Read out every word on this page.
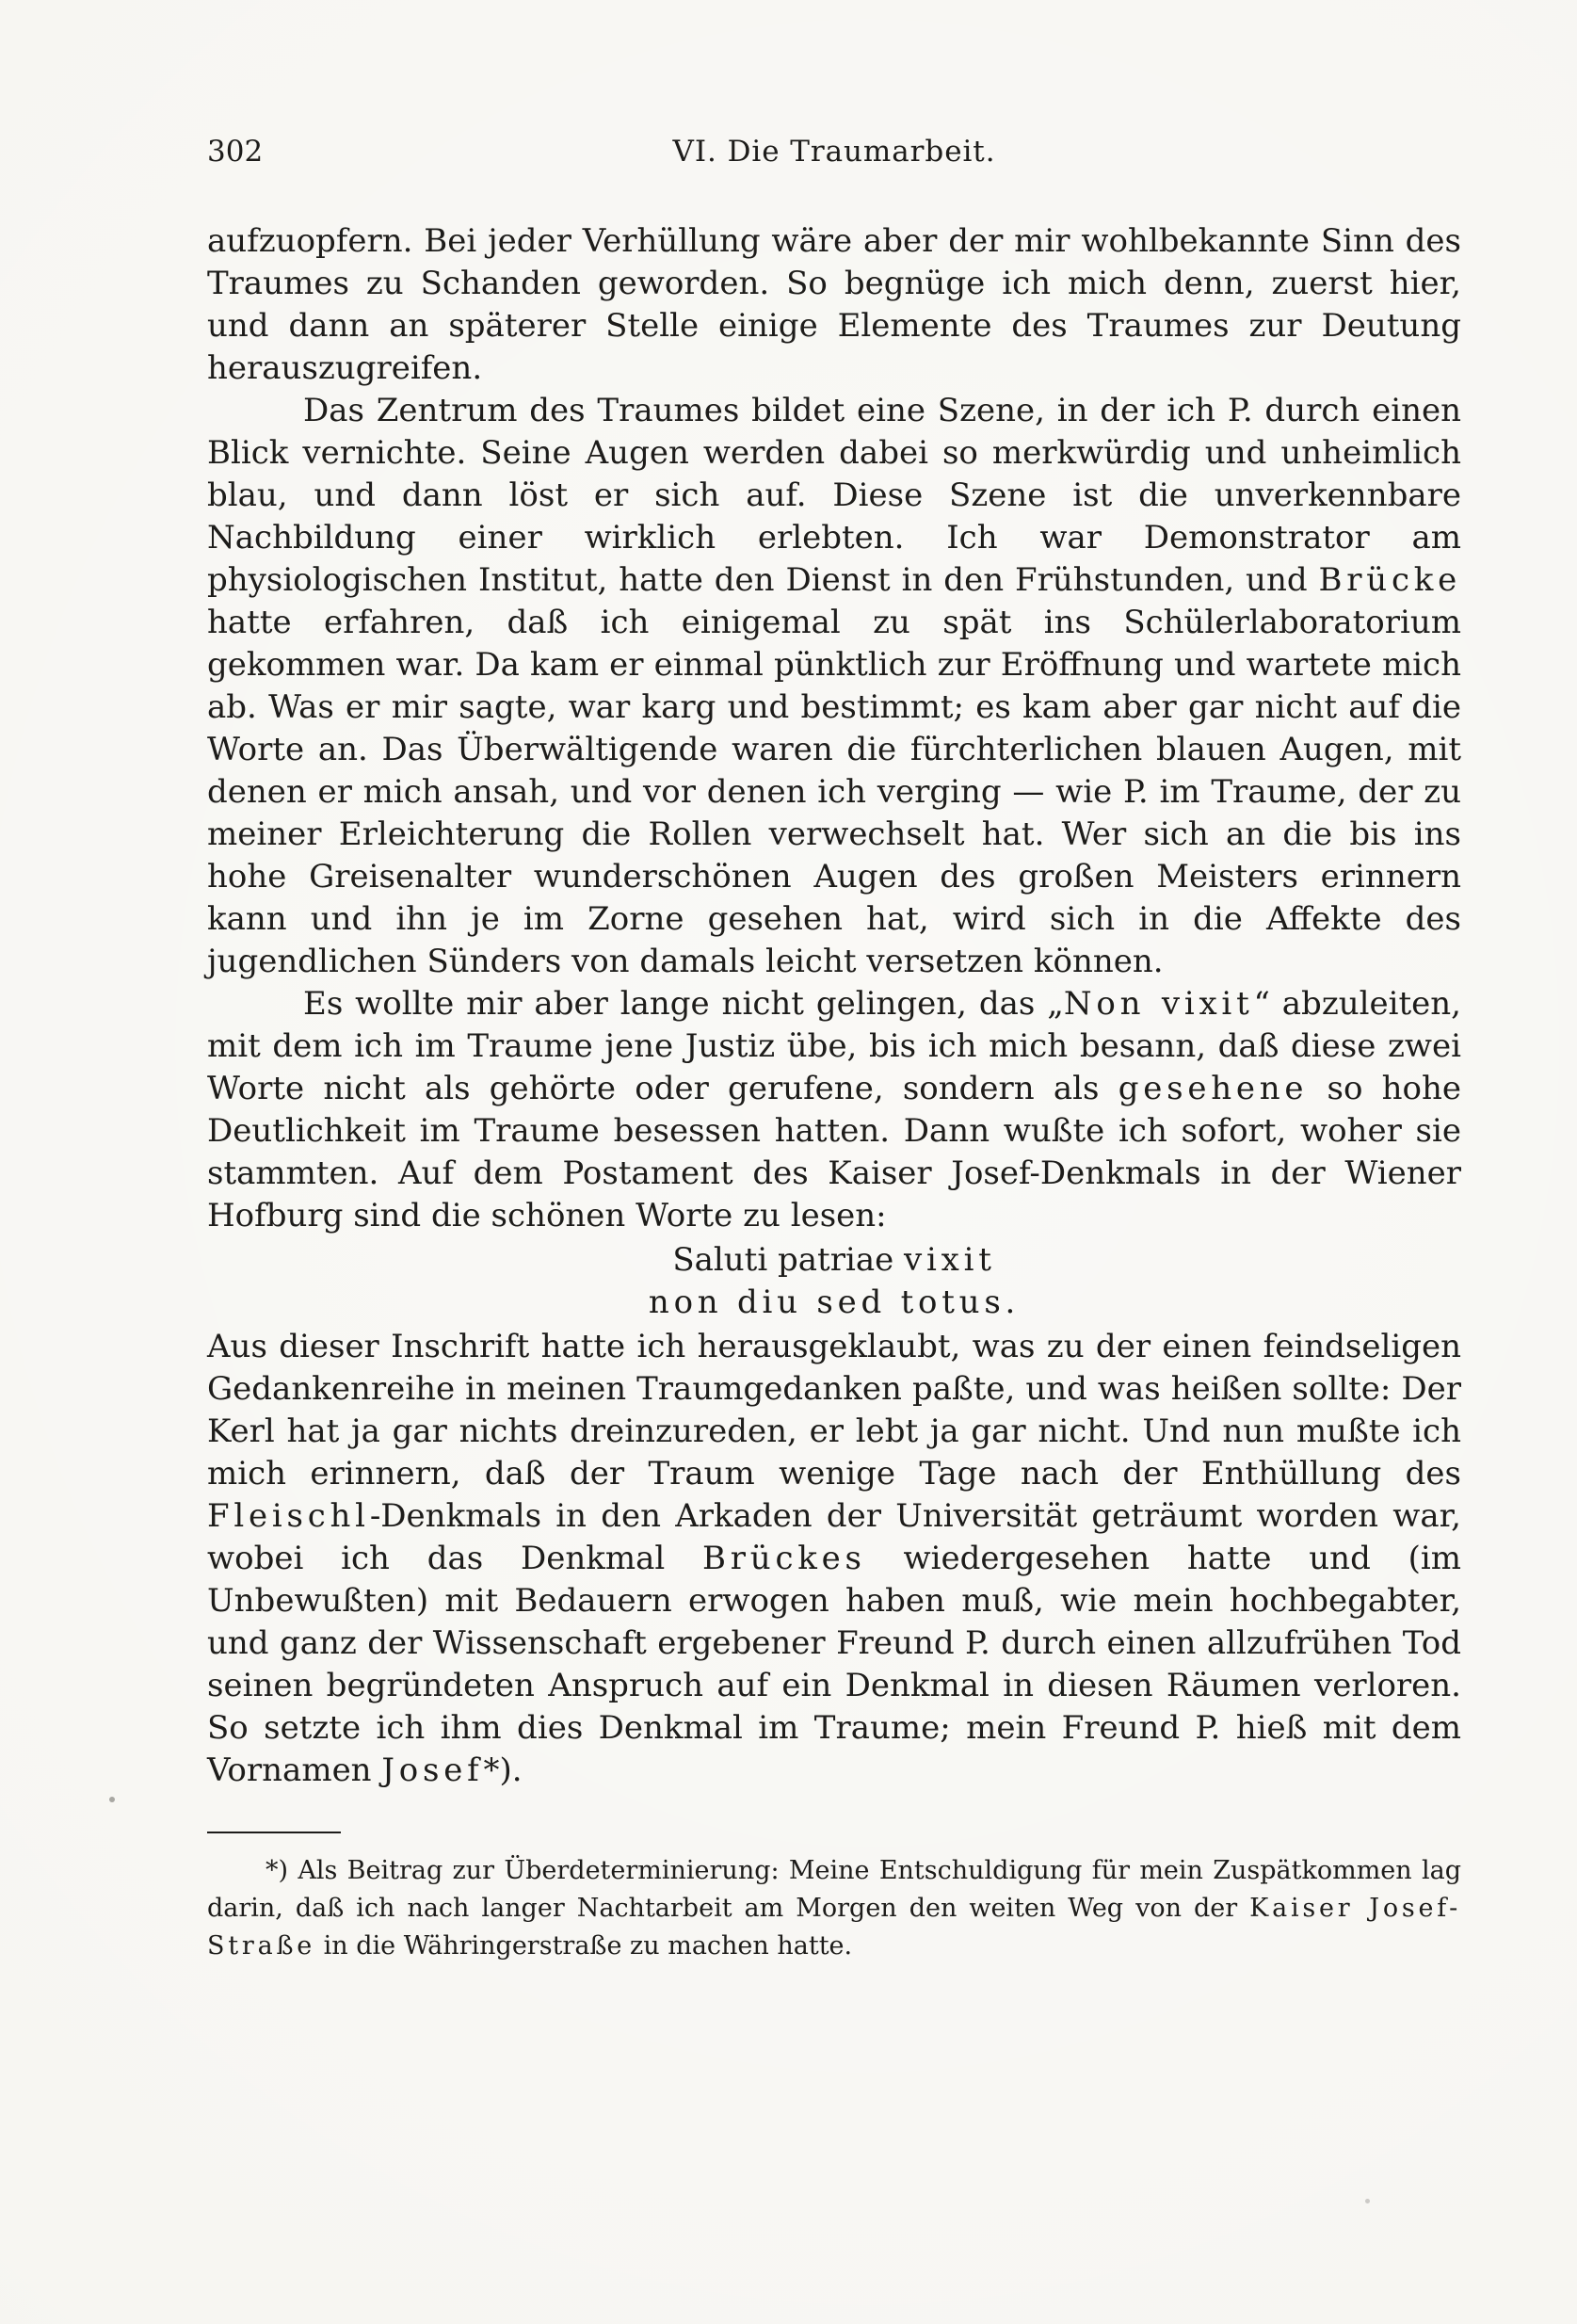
302	VI. Die Traumarbeit.

aufzuopfern. Bei jeder Verhüllung wäre aber der mir wohlbekannte Sinn des Traumes zu Schanden geworden. So begnüge ich mich denn, zuerst hier, und dann an späterer Stelle einige Elemente des Traumes zur Deutung herauszugreifen.

Das Zentrum des Traumes bildet eine Szene, in der ich P. durch einen Blick vernichte. Seine Augen werden dabei so merkwürdig und unheimlich blau, und dann löst er sich auf. Diese Szene ist die unverkennbare Nachbildung einer wirklich erlebten. Ich war Demonstrator am physiologischen Institut, hatte den Dienst in den Frühstunden, und Brücke hatte erfahren, daß ich einigemal zu spät ins Schülerlaboratorium gekommen war. Da kam er einmal pünktlich zur Eröffnung und wartete mich ab. Was er mir sagte, war karg und bestimmt; es kam aber gar nicht auf die Worte an. Das Überwältigende waren die fürchterlichen blauen Augen, mit denen er mich ansah, und vor denen ich verging — wie P. im Traume, der zu meiner Erleichterung die Rollen verwechselt hat. Wer sich an die bis ins hohe Greisenalter wunderschönen Augen des großen Meisters erinnern kann und ihn je im Zorne gesehen hat, wird sich in die Affekte des jugendlichen Sünders von damals leicht versetzen können.

Es wollte mir aber lange nicht gelingen, das „Non vixit“ abzuleiten, mit dem ich im Traume jene Justiz übe, bis ich mich besann, daß diese zwei Worte nicht als gehörte oder gerufene, sondern als gesehene so hohe Deutlichkeit im Traume besessen hatten. Dann wußte ich sofort, woher sie stammten. Auf dem Postament des Kaiser Josef-Denkmals in der Wiener Hofburg sind die schönen Worte zu lesen:

Saluti patriae vixit
non diu sed totus.

Aus dieser Inschrift hatte ich herausgeklaubt, was zu der einen feindseligen Gedankenreihe in meinen Traumgedanken paßte, und was heißen sollte: Der Kerl hat ja gar nichts dreinzureden, er lebt ja gar nicht. Und nun mußte ich mich erinnern, daß der Traum wenige Tage nach der Enthüllung des Fleischl-Denkmals in den Arkaden der Universität geträumt worden war, wobei ich das Denkmal Brückes wiedergesehen hatte und (im Unbewußten) mit Bedauern erwogen haben muß, wie mein hochbegabter, und ganz der Wissenschaft ergebener Freund P. durch einen allzufrühen Tod seinen begründeten Anspruch auf ein Denkmal in diesen Räumen verloren. So setzte ich ihm dies Denkmal im Traume; mein Freund P. hieß mit dem Vornamen Josef*).

*) Als Beitrag zur Überdeterminierung: Meine Entschuldigung für mein Zuspätkommen lag darin, daß ich nach langer Nachtarbeit am Morgen den weiten Weg von der Kaiser Josef-Straße in die Währingerstraße zu machen hatte.
